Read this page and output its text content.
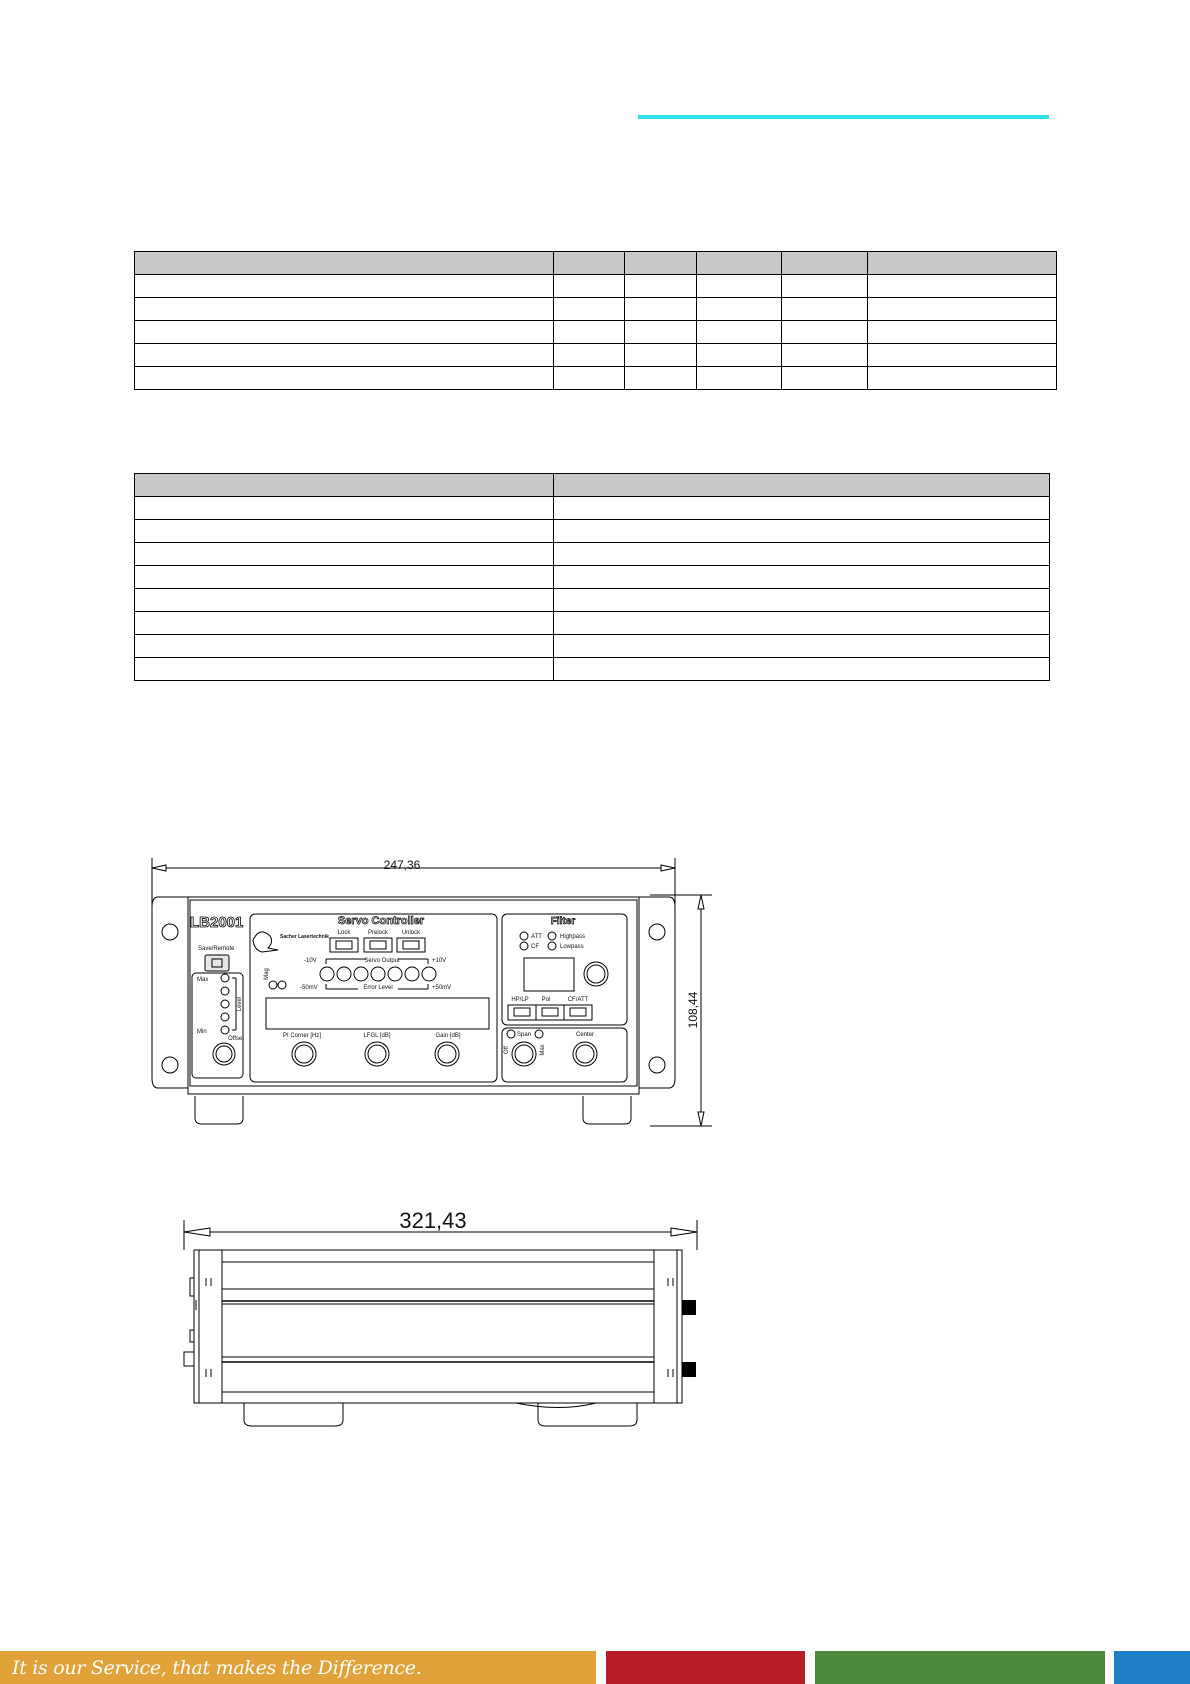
247,36
108,44
LB2001
Save/Remote
Max
Min
Level
Offset
Mag
Servo Controller
Sacher Lasertechnik
Lock	Prelock Unlock
-10V	+10V
Servo Output
-50mV	+50mV
Error Level
PI Corner [Hz]	LFGL [dB]	Gain [dB]
Filter
ATT
CF
Highpass
Lowpass
HP/LP Pol	CF/ATT
Span
Off	Max
Center
321,43
It is our Service, that makes the Difference.
